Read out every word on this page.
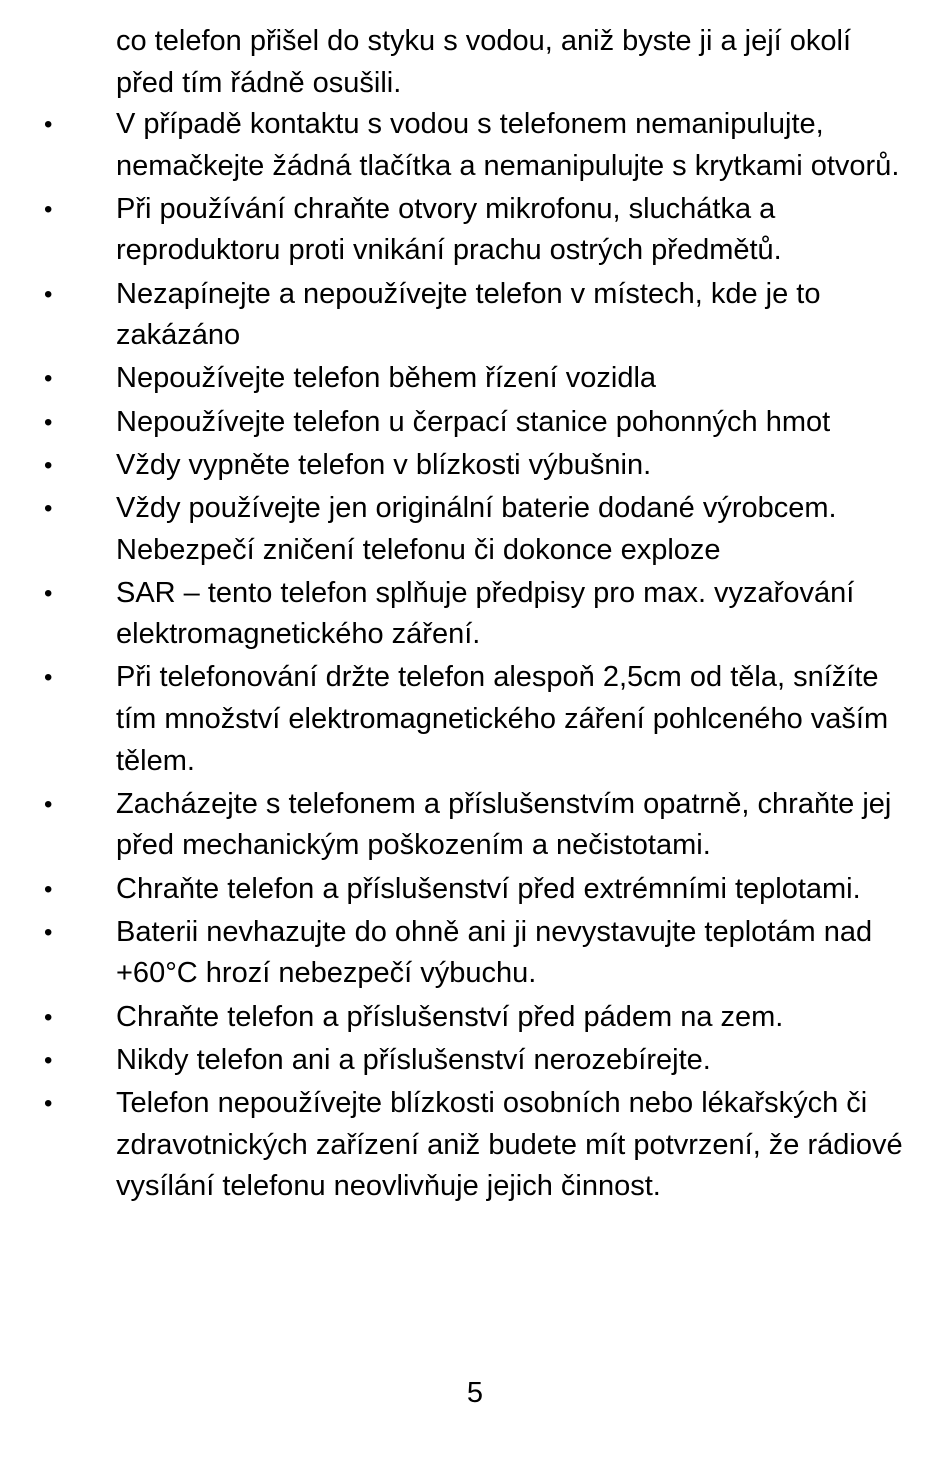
co telefon přišel do styku s vodou, aniž byste ji a její okolí před tím řádně osušili.

•	V případě kontaktu s vodou s telefonem nemanipulujte, nemačkejte žádná tlačítka a nemanipulujte s krytkami otvorů.
•	Při používání chraňte otvory mikrofonu, sluchátka a reproduktoru proti vnikání prachu ostrých předmětů.
•	Nezapínejte a nepoužívejte telefon v místech, kde je to zakázáno
•	Nepoužívejte telefon během řízení vozidla
•	Nepoužívejte telefon u čerpací stanice pohonných hmot
•	Vždy vypněte telefon v blízkosti výbušnin.
•	Vždy používejte jen originální baterie dodané výrobcem. Nebezpečí zničení telefonu či dokonce exploze
•	SAR – tento telefon splňuje předpisy pro max. vyzařování elektromagnetického záření.
•	Při telefonování držte telefon alespoň 2,5cm od těla, snížíte tím množství elektromagnetického záření pohlceného vaším tělem.
•	Zacházejte s telefonem a příslušenstvím opatrně, chraňte jej před mechanickým poškozením a nečistotami.
•	Chraňte telefon a příslušenství před extrémními teplotami.
•	Baterii nevhazujte do ohně ani ji nevystavujte teplotám nad +60°C hrozí nebezpečí výbuchu.
•	Chraňte telefon a příslušenství před pádem na zem.
•	Nikdy telefon ani a příslušenství nerozebírejte.
•	Telefon nepoužívejte blízkosti osobních nebo lékařských či zdravotnických zařízení aniž budete mít potvrzení, že rádiové vysílání telefonu neovlivňuje jejich činnost.
5
